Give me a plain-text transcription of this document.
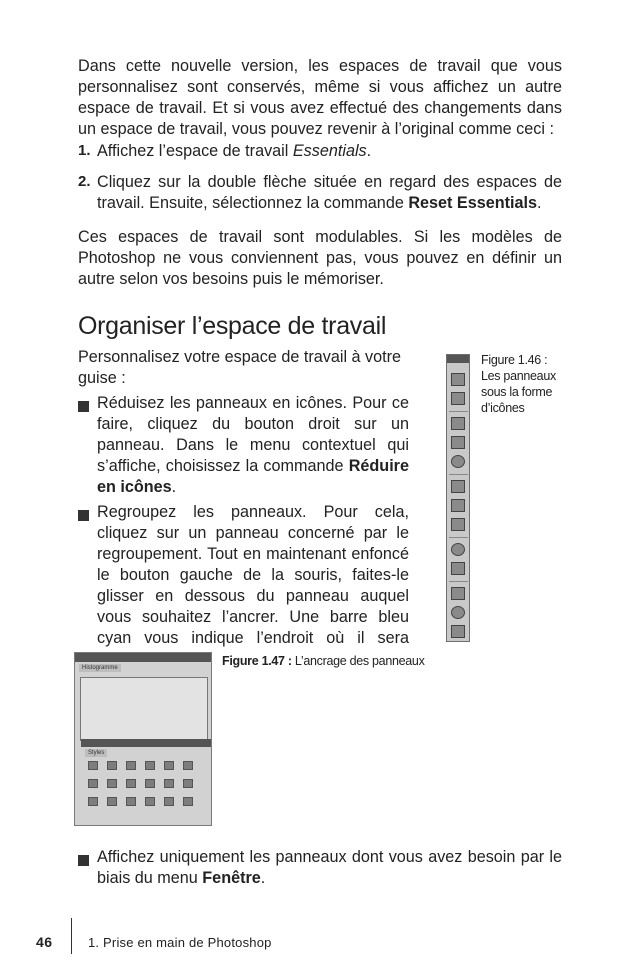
Dans cette nouvelle version, les espaces de travail que vous personnalisez sont conservés, même si vous affichez un autre espace de travail. Et si vous avez effectué des changements dans un espace de travail, vous pouvez revenir à l’original comme ceci :

1. Affichez l’espace de travail Essentials.

2. Cliquez sur la double flèche située en regard des espaces de travail. Ensuite, sélectionnez la commande Reset Essentials.

Ces espaces de travail sont modulables. Si les modèles de Photoshop ne vous conviennent pas, vous pouvez en définir un autre selon vos besoins puis le mémoriser.

Organiser l’espace de travail

Personnalisez votre espace de travail à votre guise :

Réduisez les panneaux en icônes. Pour ce faire, cliquez du bouton droit sur un panneau. Dans le menu contextuel qui s’affiche, choisissez la commande Réduire en icônes.

Regroupez les panneaux. Pour cela, cliquez sur un panneau concerné par le regroupement. Tout en maintenant enfoncé le bouton gauche de la souris, faites-le glisser en dessous du panneau auquel vous souhaitez l’ancrer. Une barre bleu cyan vous indique l’endroit où il sera

Affichez uniquement les panneaux dont vous avez besoin par le biais du menu Fenêtre.

Figure 1.46 :
Les panneaux sous la forme d’icônes
Figure 1.47 : L’ancrage des panneaux
Histogramme
Styles
46	1. Prise en main de Photoshop
